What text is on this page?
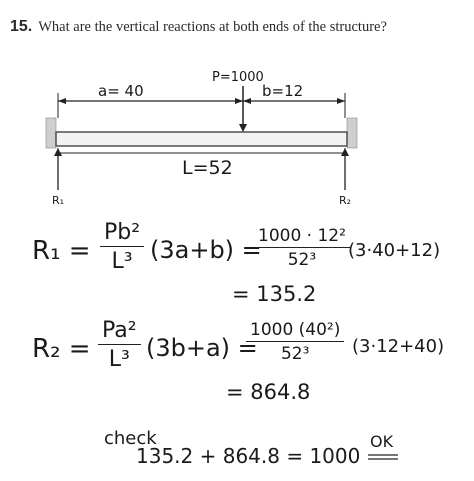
15. What are the vertical reactions at both ends of the structure?
a= 40
P=1000
b=12
L=52
R₁	R₂
$R_1 = \frac{\text{Pb²}}{\text{L³}} (3a+b)$ =
$\frac{\text{1000 · 12²}}{\text{52³}}$
(3·40+12)
= 135.2
$R_2 = \frac{\text{Pa²}}{\text{L³}} (3b+a)$ =
$\frac{\text{1000 (40²)}}{\text{52³}} (3\cdot 12+40)$
= 864.8
check
135.2 + 864.8 = 1000
OK
